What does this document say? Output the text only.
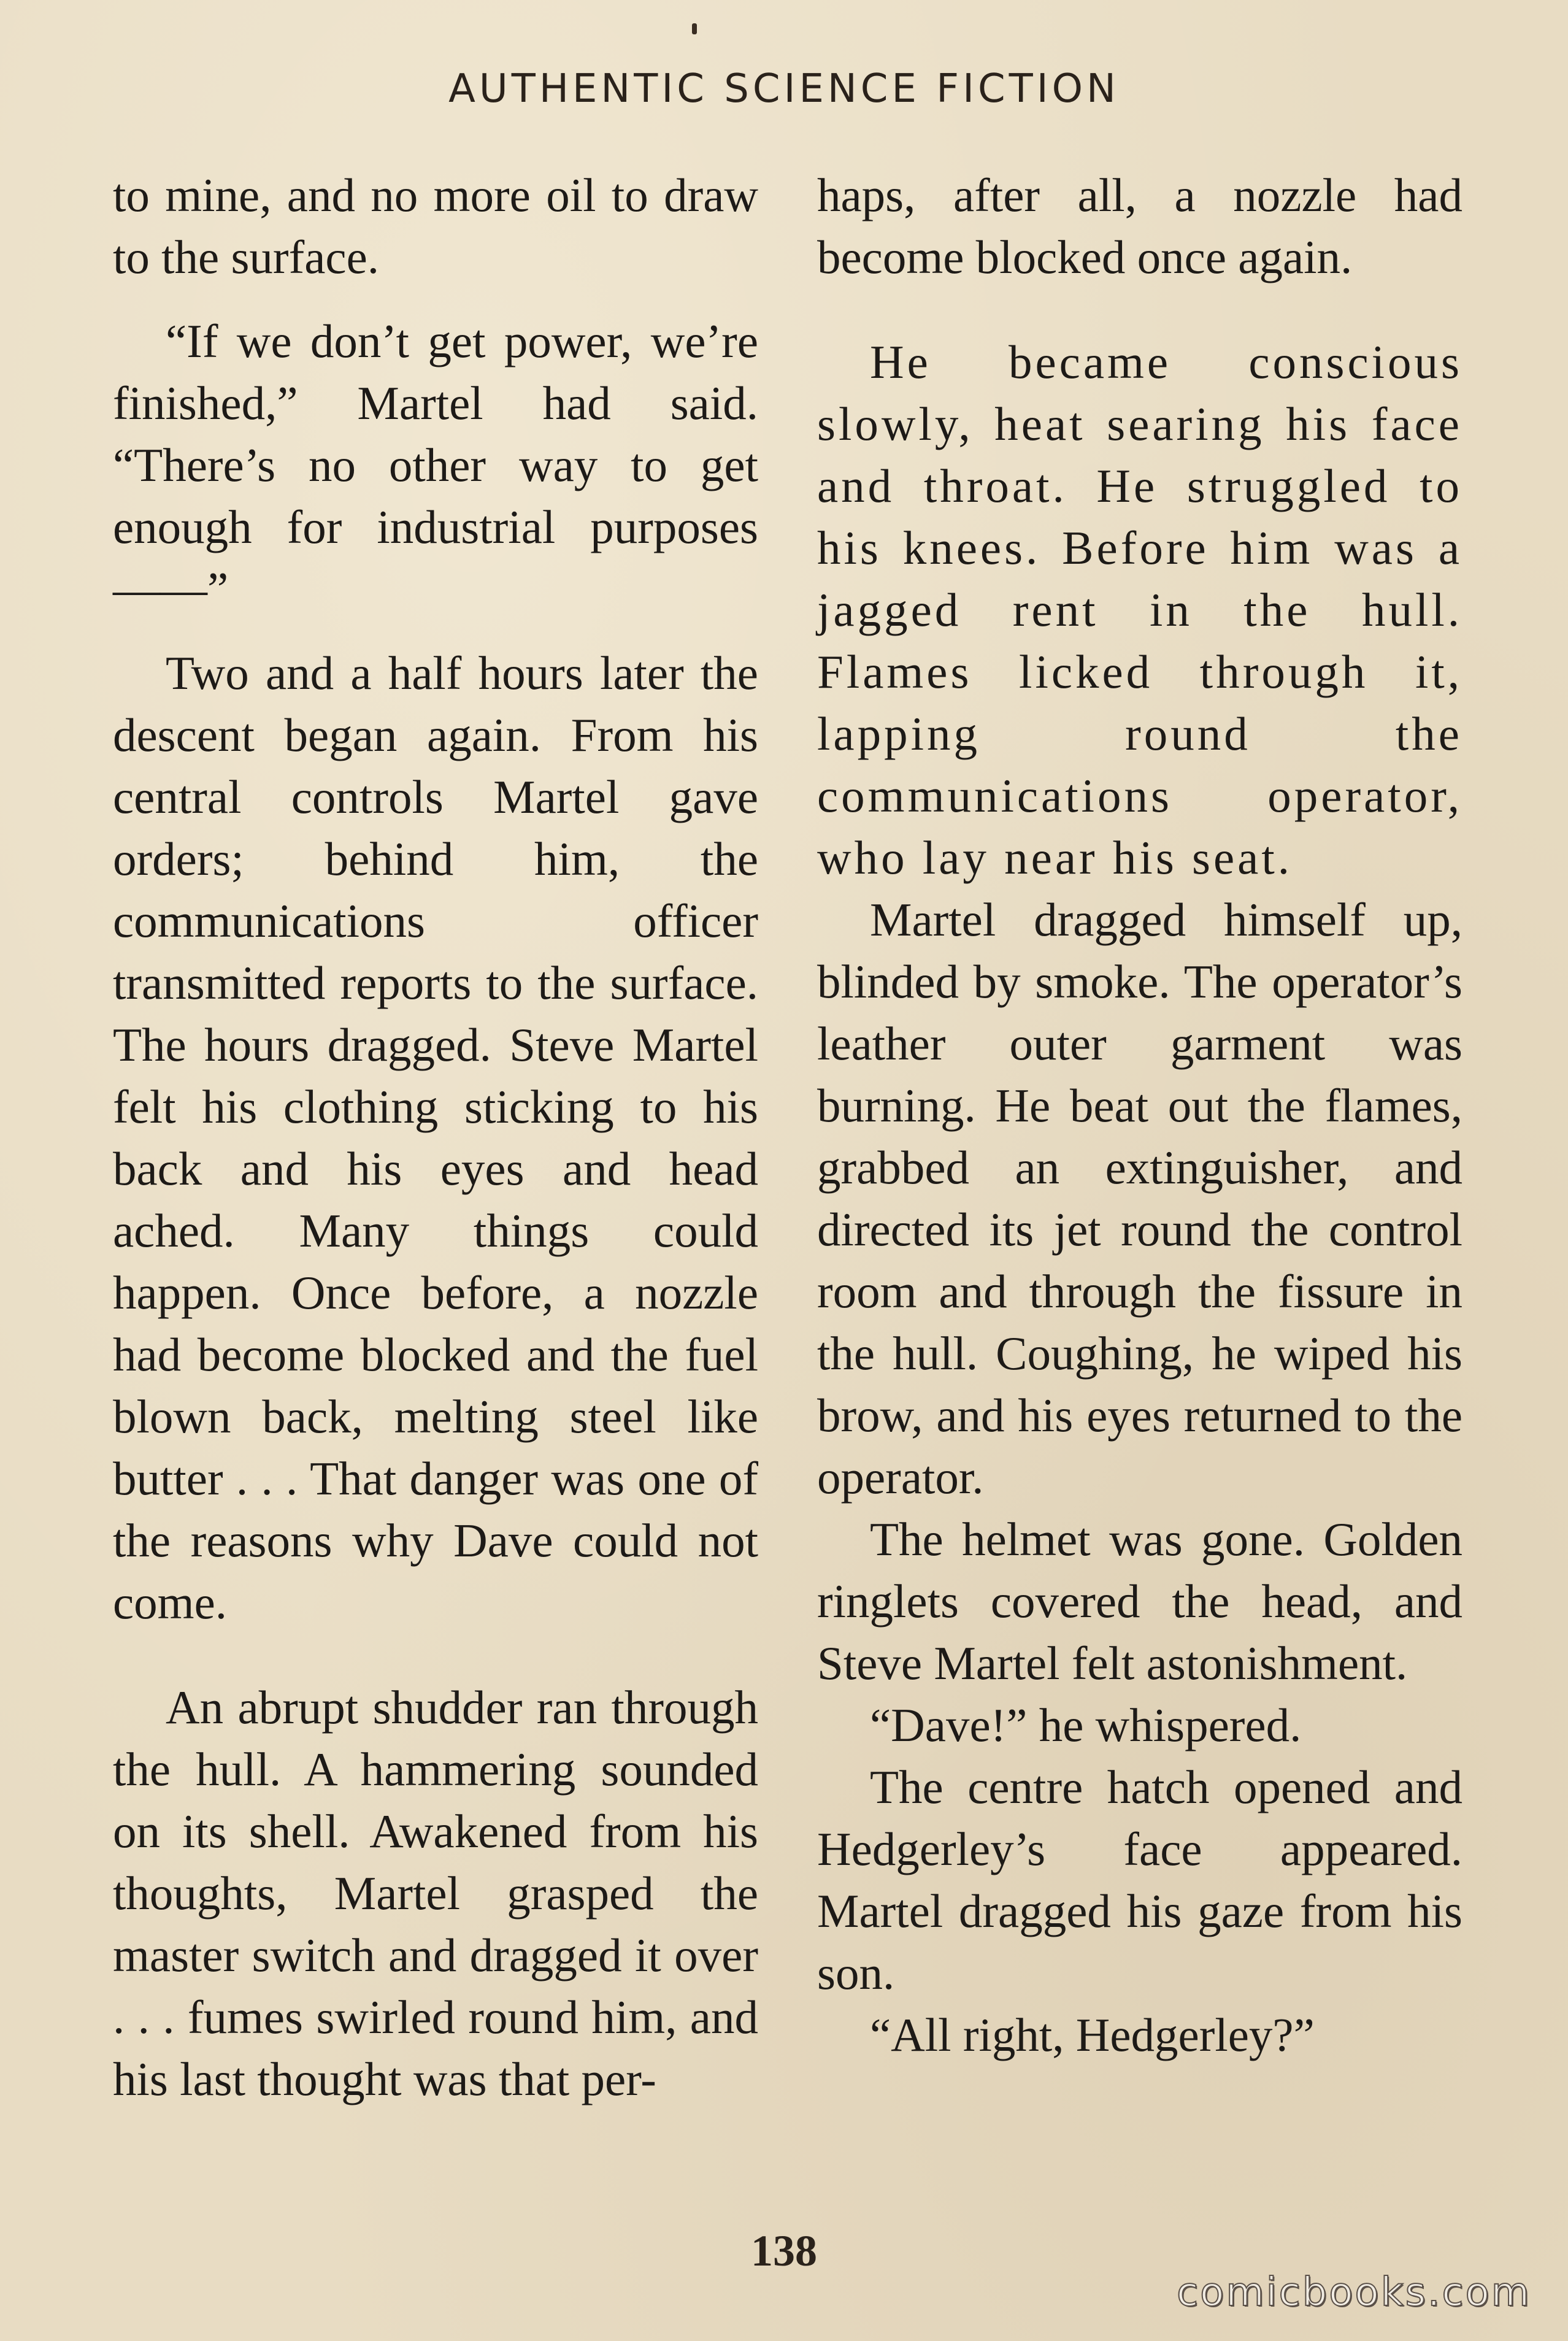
AUTHENTIC SCIENCE FICTION

to mine, and no more oil to draw to the surface.

“If we don’t get power, we’re finished,” Martel had said. “There’s no other way to get enough for industrial purposes——”

Two and a half hours later the descent began again. From his central controls Martel gave orders; behind him, the communications officer transmitted reports to the surface. The hours dragged. Steve Martel felt his clothing sticking to his back and his eyes and head ached. Many things could happen. Once before, a nozzle had become blocked and the fuel blown back, melting steel like butter . . . That danger was one of the reasons why Dave could not come.

An abrupt shudder ran through the hull. A hammering sounded on its shell. Awakened from his thoughts, Martel grasped the master switch and dragged it over . . . fumes swirled round him, and his last thought was that per-

haps, after all, a nozzle had become blocked once again.

He became conscious slowly, heat searing his face and throat. He struggled to his knees. Before him was a jagged rent in the hull. Flames licked through it, lapping round the communications operator, who lay near his seat.

Martel dragged himself up, blinded by smoke. The operator’s leather outer garment was burning. He beat out the flames, grabbed an extinguisher, and directed its jet round the control room and through the fissure in the hull. Coughing, he wiped his brow, and his eyes returned to the operator.

The helmet was gone. Golden ringlets covered the head, and Steve Martel felt astonishment.

“Dave!” he whispered.

The centre hatch opened and Hedgerley’s face appeared. Martel dragged his gaze from his son.

“All right, Hedgerley?”

138
comicbooks.com
